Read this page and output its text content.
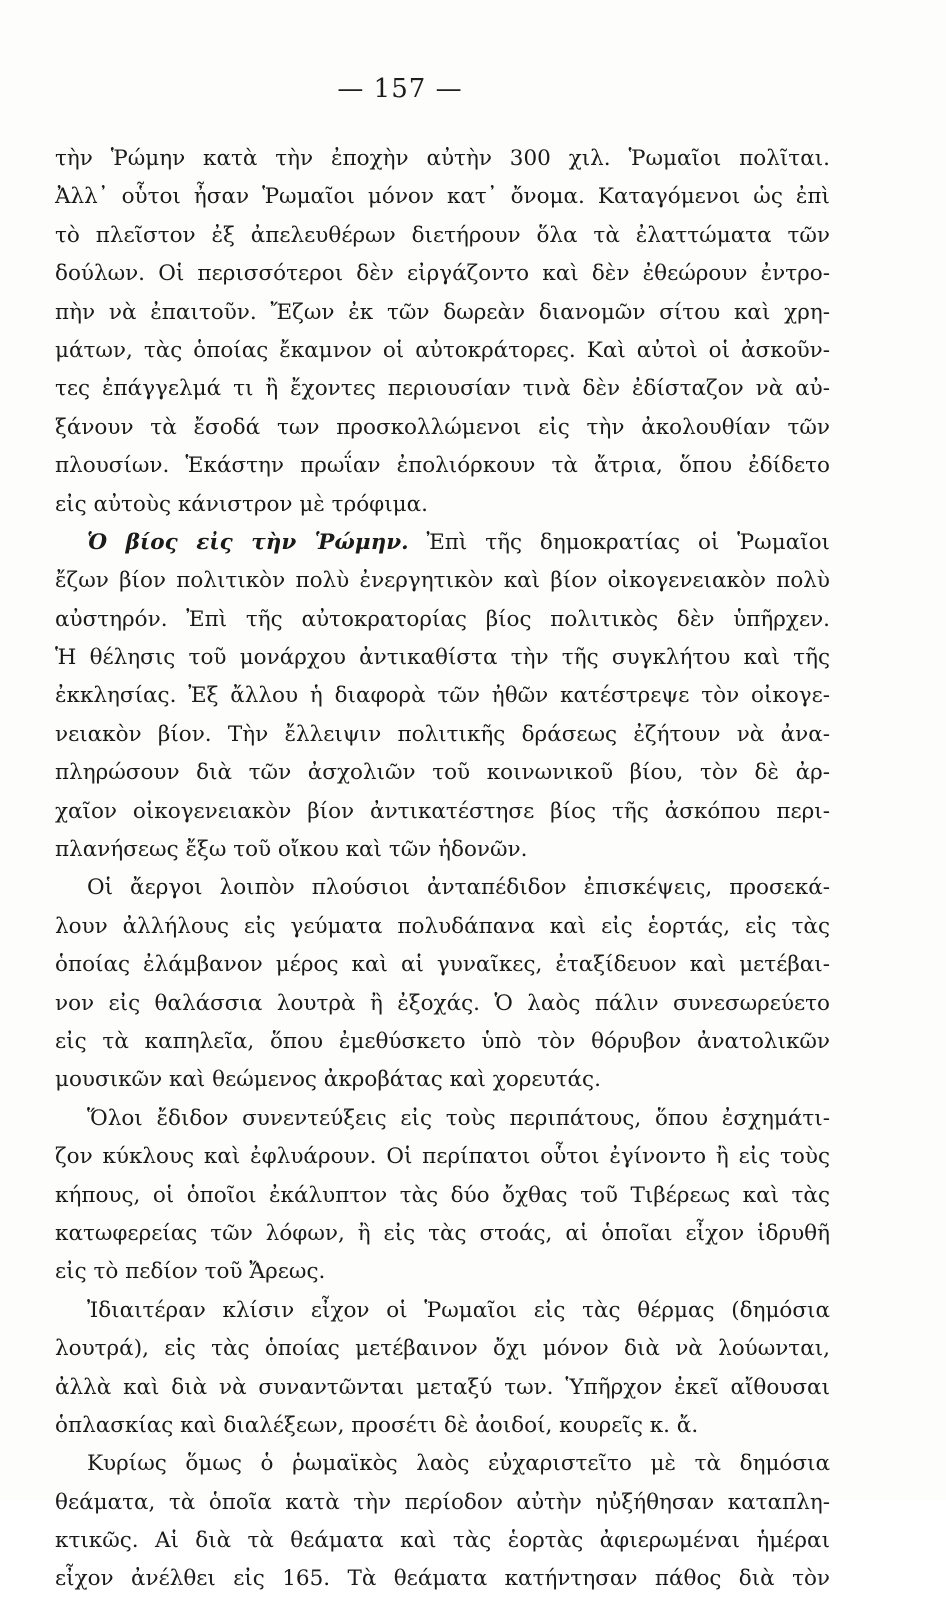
— 157 —
τὴν Ῥώμην κατὰ τὴν ἐποχὴν αὐτὴν 300 χιλ. Ῥωμαῖοι πολῖται.
Ἀλλ᾽ οὗτοι ἦσαν Ῥωμαῖοι μόνον κατ᾽ ὄνομα. Καταγόμενοι ὡς ἐπὶ
τὸ πλεῖστον ἐξ ἀπελευθέρων διετήρουν ὅλα τὰ ἐλαττώματα τῶν
δούλων. Οἱ περισσότεροι δὲν εἰργάζοντο καὶ δὲν ἐθεώρουν ἐντρο-
πὴν νὰ ἐπαιτοῦν. Ἔζων ἐκ τῶν δωρεὰν διανομῶν σίτου καὶ χρη-
μάτων, τὰς ὁποίας ἔκαμνον οἱ αὐτοκράτορες. Καὶ αὐτοὶ οἱ ἀσκοῦν-
τες ἐπάγγελμά τι ἢ ἔχοντες περιουσίαν τινὰ δὲν ἐδίσταζον νὰ αὐ-
ξάνουν τὰ ἔσοδά των προσκολλώμενοι εἰς τὴν ἀκολουθίαν τῶν
πλουσίων. Ἑκάστην πρωΐαν ἐπολιόρκουν τὰ ἄτρια, ὅπου ἐδίδετο
εἰς αὐτοὺς κάνιστρον μὲ τρόφιμα.
Ὁ βίος εἰς τὴν Ῥώμην. Ἐπὶ τῆς δημοκρατίας οἱ Ῥωμαῖοι
ἔζων βίον πολιτικὸν πολὺ ἐνεργητικὸν καὶ βίον οἰκογενειακὸν πολὺ
αὐστηρόν. Ἐπὶ τῆς αὐτοκρατορίας βίος πολιτικὸς δὲν ὑπῆρχεν.
Ἡ θέλησις τοῦ μονάρχου ἀντικαθίστα τὴν τῆς συγκλήτου καὶ τῆς
ἐκκλησίας. Ἐξ ἄλλου ἡ διαφορὰ τῶν ἠθῶν κατέστρεψε τὸν οἰκογε-
νειακὸν βίον. Τὴν ἔλλειψιν πολιτικῆς δράσεως ἐζήτουν νὰ ἀνα-
πληρώσουν διὰ τῶν ἀσχολιῶν τοῦ κοινωνικοῦ βίου, τὸν δὲ ἀρ-
χαῖον οἰκογενειακὸν βίον ἀντικατέστησε βίος τῆς ἀσκόπου περι-
πλανήσεως ἔξω τοῦ οἴκου καὶ τῶν ἡδονῶν.
Οἱ ἄεργοι λοιπὸν πλούσιοι ἀνταπέδιδον ἐπισκέψεις, προσεκά-
λουν ἀλλήλους εἰς γεύματα πολυδάπανα καὶ εἰς ἑορτάς, εἰς τὰς
ὁποίας ἐλάμβανον μέρος καὶ αἱ γυναῖκες, ἐταξίδευον καὶ μετέβαι-
νον εἰς θαλάσσια λουτρὰ ἢ ἐξοχάς. Ὁ λαὸς πάλιν συνεσωρεύετο
εἰς τὰ καπηλεῖα, ὅπου ἐμεθύσκετο ὑπὸ τὸν θόρυβον ἀνατολικῶν
μουσικῶν καὶ θεώμενος ἀκροβάτας καὶ χορευτάς.
Ὅλοι ἔδιδον συνεντεύξεις εἰς τοὺς περιπάτους, ὅπου ἐσχημάτι-
ζον κύκλους καὶ ἐφλυάρουν. Οἱ περίπατοι οὗτοι ἐγίνοντο ἢ εἰς τοὺς
κήπους, οἱ ὁποῖοι ἐκάλυπτον τὰς δύο ὄχθας τοῦ Τιβέρεως καὶ τὰς
κατωφερείας τῶν λόφων, ἢ εἰς τὰς στοάς, αἱ ὁποῖαι εἶχον ἱδρυθῆ
εἰς τὸ πεδίον τοῦ Ἄρεως.
Ἰδιαιτέραν κλίσιν εἶχον οἱ Ῥωμαῖοι εἰς τὰς θέρμας (δημόσια
λουτρά), εἰς τὰς ὁποίας μετέβαινον ὄχι μόνον διὰ νὰ λούωνται,
ἀλλὰ καὶ διὰ νὰ συναντῶνται μεταξύ των. Ὑπῆρχον ἐκεῖ αἴθουσαι
ὁπλασκίας καὶ διαλέξεων, προσέτι δὲ ἀοιδοί, κουρεῖς κ. ἄ.
Κυρίως ὅμως ὁ ῥωμαϊκὸς λαὸς εὐχαριστεῖτο μὲ τὰ δημόσια
θεάματα, τὰ ὁποῖα κατὰ τὴν περίοδον αὐτὴν ηὐξήθησαν καταπλη-
κτικῶς. Αἱ διὰ τὰ θεάματα καὶ τὰς ἑορτὰς ἀφιερωμέναι ἡμέραι
εἶχον ἀνέλθει εἰς 165. Τὰ θεάματα κατήντησαν πάθος διὰ τὸν
